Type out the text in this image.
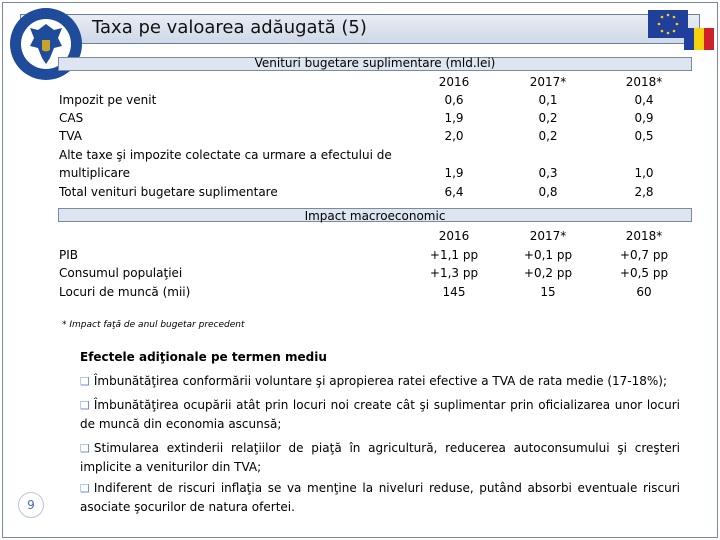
Taxa pe valoarea adăugată (5)
Venituri bugetare suplimentare (mld.lei)
2016	2017*	2018*
Impozit pe venit	0,6	0,1	0,4
CAS	1,9	0,2	0,9
TVA	2,0	0,2	0,5
Alte taxe şi impozite colectate ca urmare a efectului de
multiplicare	1,9	0,3	1,0
Total venituri bugetare suplimentare	6,4	0,8	2,8
Impact macroeconomic
2016	2017*	2018*
PIB	+1,1 pp	+0,1 pp	+0,7 pp
Consumul populaţiei	+1,3 pp	+0,2 pp	+0,5 pp
Locuri de muncă (mii)	145	15	60
* Impact faţă de anul bugetar precedent
Efectele adiţionale pe termen mediu
❑ Îmbunătăţirea conformării voluntare şi apropierea ratei efective a TVA de rata medie (17-18%);
❑ Îmbunătăţirea ocupării atât prin locuri noi create cât şi suplimentar prin oficializarea unor locuri de muncă din economia ascunsă;
❑ Stimularea extinderii relaţiilor de piaţă în agricultură, reducerea autoconsumului şi creşteri implicite a veniturilor din TVA;
❑ Indiferent de riscuri inflaţia se va menţine la niveluri reduse, putând absorbi eventuale riscuri asociate şocurilor de natura ofertei.
9
